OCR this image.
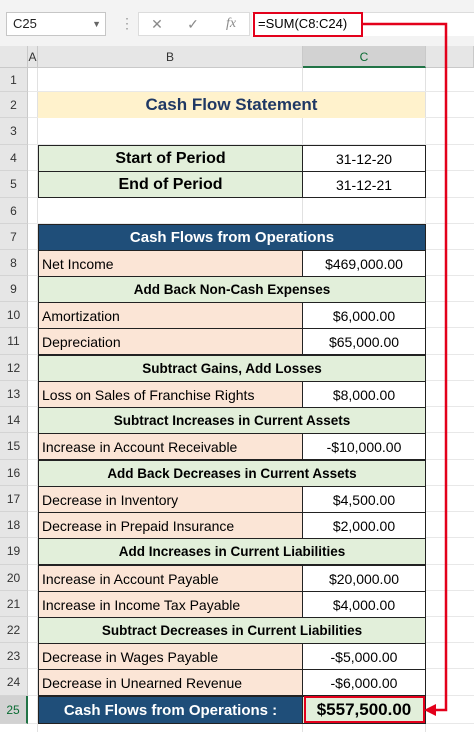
C25	▼ ⋮	✕	✓	fx	=SUM(C8:C24)
A	B	C
1
2
3
4
5
6
7
8
9
10
11
12
13
14
15
16
17
18
19
20
21
22
23
24
25
Cash Flow Statement
Start of Period	31-12-20
End of Period	31-12-21
Cash Flows from Operations
Net Income	$469,000.00
Add Back Non-Cash Expenses
Amortization	$6,000.00
Depreciation	$65,000.00
Subtract Gains, Add Losses
Loss on Sales of Franchise Rights	$8,000.00
Subtract Increases in Current Assets
Increase in Account Receivable	-$10,000.00
Add Back Decreases in Current Assets
Decrease in Inventory	$4,500.00
Decrease in Prepaid Insurance	$2,000.00
Add Increases in Current Liabilities
Increase in Account Payable	$20,000.00
Increase in Income Tax Payable	$4,000.00
Subtract Decreases in Current Liabilities
Decrease in Wages Payable	-$5,000.00
Decrease in Unearned Revenue	-$6,000.00
Cash Flows from Operations :	$557,500.00
